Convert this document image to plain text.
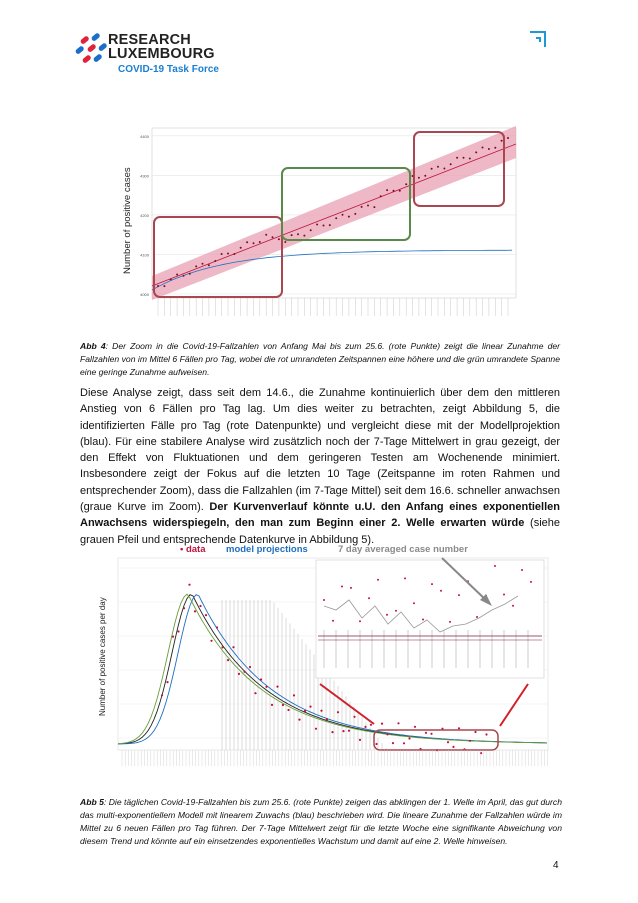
RESEARCH
LUXEMBOURG
COVID-19 Task Force
Number of positive cases
4000
4100
4200
4300
4400
Abb 4: Der Zoom in die Covid-19-Fallzahlen von Anfang Mai bis zum 25.6. (rote Punkte) zeigt die linear Zunahme der Fallzahlen von im Mittel 6 Fällen pro Tag, wobei die rot umrandeten Zeitspannen eine höhere und die grün umrandete Spanne eine geringe Zunahme aufweisen.
Diese Analyse zeigt, dass seit dem 14.6., die Zunahme kontinuierlich über dem den mittleren Anstieg von 6 Fällen pro Tag lag. Um dies weiter zu betrachten, zeigt Abbildung 5, die identifizierten Fälle pro Tag (rote Datenpunkte) und vergleicht diese mit der Modellprojektion (blau). Für eine stabilere Analyse wird zusätzlich noch der 7-Tage Mittelwert in grau gezeigt, der den Effekt von Fluktuationen und dem geringeren Testen am Wochenende minimiert. Insbesondere zeigt der Fokus auf die letzten 10 Tage (Zeitspanne im roten Rahmen und entsprechender Zoom), dass die Fallzahlen (im 7-Tage Mittel) seit dem 16.6. schneller anwachsen (graue Kurve im Zoom). Der Kurvenverlauf könnte u.U. den Anfang eines exponentiellen Anwachsens widerspiegeln, den man zum Beginn einer 2. Welle erwarten würde (siehe grauen Pfeil und entsprechende Datenkurve in Abbildung 5).
• data model projections	7 day averaged case number
Number of positive cases per day
Abb 5: Die täglichen Covid-19-Fallzahlen bis zum 25.6. (rote Punkte) zeigen das abklingen der 1. Welle im April, das gut durch das multi-exponentiellem Modell mit linearem Zuwachs (blau) beschrieben wird. Die lineare Zunahme der Fallzahlen würde im Mittel zu 6 neuen Fällen pro Tag führen. Der 7-Tage Mittelwert zeigt für die letzte Woche eine signifikante Abweichung von diesem Trend und könnte auf ein einsetzendes exponentielles Wachstum und damit auf eine 2. Welle hinweisen.
4
